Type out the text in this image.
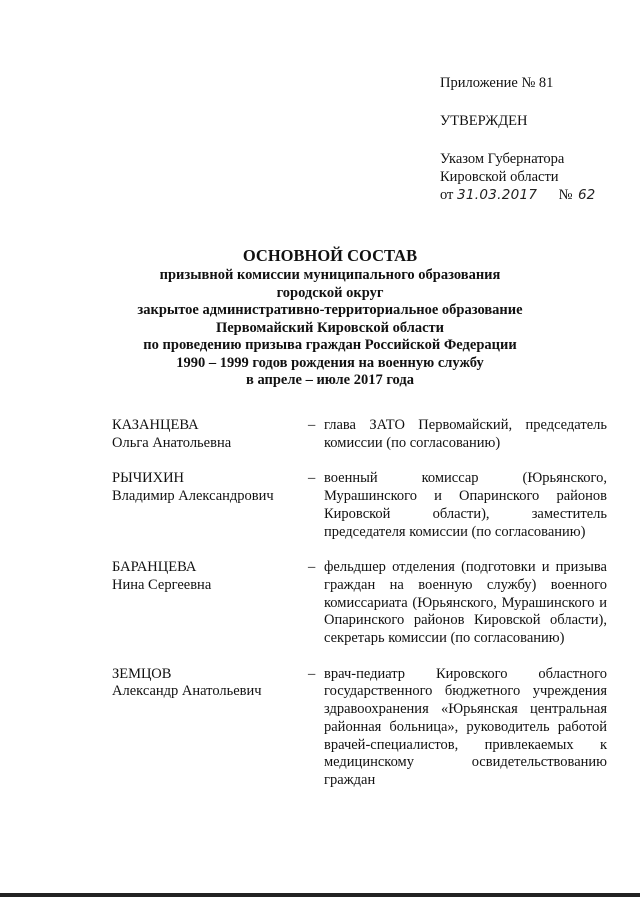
Приложение № 81
УТВЕРЖДЕН
Указом Губернатора
Кировской области
от 31.03.2017 № 62
ОСНОВНОЙ СОСТАВ
призывной комиссии муниципального образования
городской округ
закрытое административно-территориальное образование
Первомайский Кировской области
по проведению призыва граждан Российской Федерации
1990 – 1999 годов рождения на военную службу
в апреле – июле 2017 года
КАЗАНЦЕВА
Ольга Анатольевна
– глава ЗАТО Первомайский, председатель комиссии (по согласованию)
РЫЧИХИН
Владимир Александрович
– военный комиссар (Юрьянского, Мурашинского и Опаринского районов Кировской области), заместитель председателя комиссии (по согласованию)
БАРАНЦЕВА
Нина Сергеевна
– фельдшер отделения (подготовки и призыва граждан на военную службу) военного комиссариата (Юрьянского, Мурашинского и Опаринского районов Кировской области), секретарь комиссии (по согласованию)
ЗЕМЦОВ
Александр Анатольевич
– врач-педиатр Кировского областного государственного бюджетного учреждения здравоохранения «Юрьянская центральная районная больница», руководитель работой врачей-специалистов, привлекаемых к медицинскому освидетельствованию граждан
